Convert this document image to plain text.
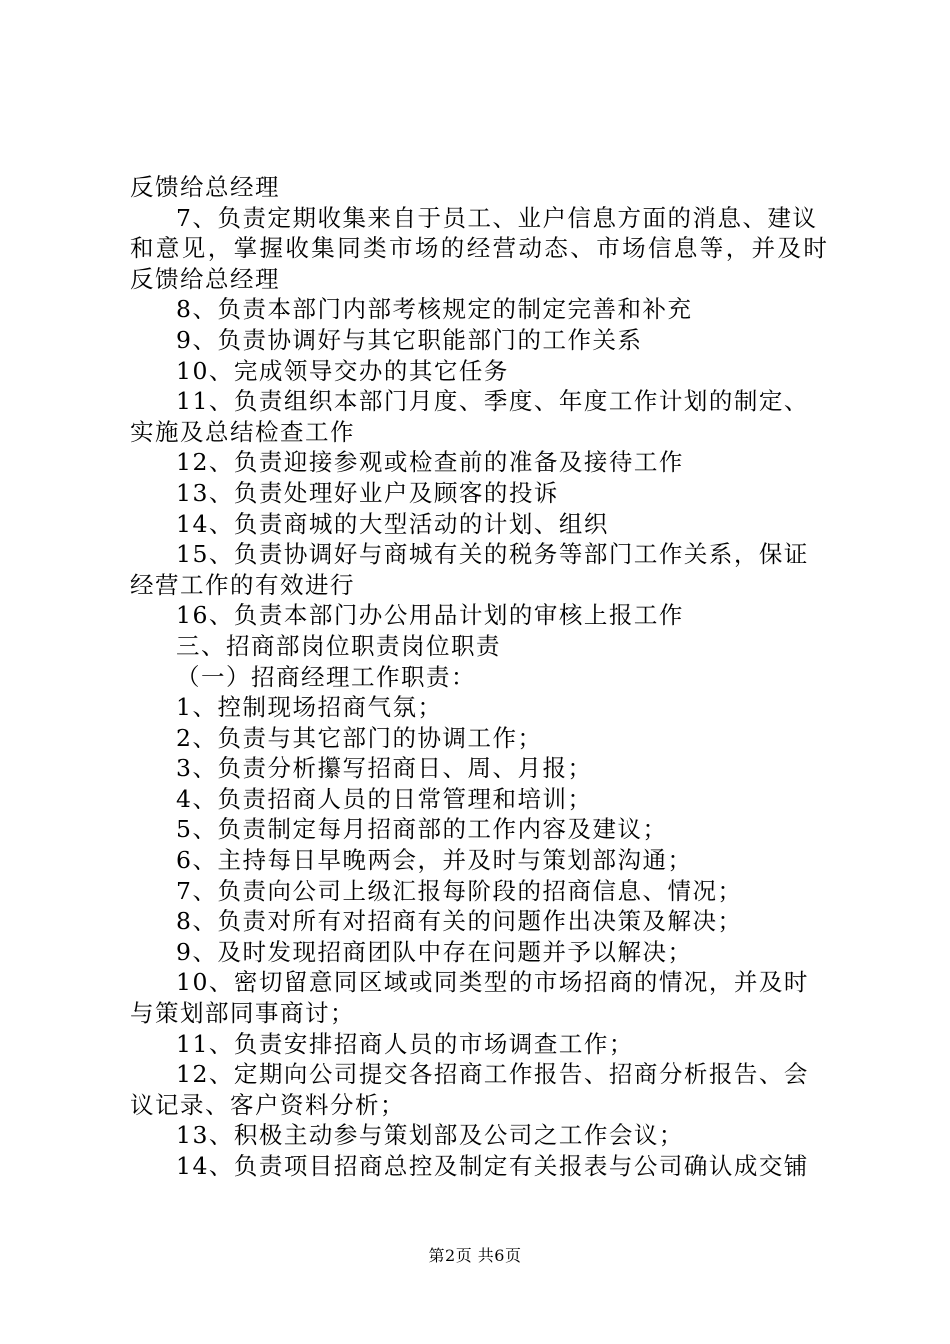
反馈给总经理
7、负责定期收集来自于员工、业户信息方面的消息、建议
和意见，掌握收集同类市场的经营动态、市场信息等，并及时
反馈给总经理
8、负责本部门内部考核规定的制定完善和补充
9、负责协调好与其它职能部门的工作关系
10、完成领导交办的其它任务
11、负责组织本部门月度、季度、年度工作计划的制定、
实施及总结检查工作
12、负责迎接参观或检查前的准备及接待工作
13、负责处理好业户及顾客的投诉
14、负责商城的大型活动的计划、组织
15、负责协调好与商城有关的税务等部门工作关系，保证
经营工作的有效进行
16、负责本部门办公用品计划的审核上报工作
三、招商部岗位职责岗位职责
（一）招商经理工作职责：
1、控制现场招商气氛；
2、负责与其它部门的协调工作；
3、负责分析攥写招商日、周、月报；
4、负责招商人员的日常管理和培训；
5、负责制定每月招商部的工作内容及建议；
6、主持每日早晚两会，并及时与策划部沟通；
7、负责向公司上级汇报每阶段的招商信息、情况；
8、负责对所有对招商有关的问题作出决策及解决；
9、及时发现招商团队中存在问题并予以解决；
10、密切留意同区域或同类型的市场招商的情况，并及时
与策划部同事商讨；
11、负责安排招商人员的市场调查工作；
12、定期向公司提交各招商工作报告、招商分析报告、会
议记录、客户资料分析；
13、积极主动参与策划部及公司之工作会议；
14、负责项目招商总控及制定有关报表与公司确认成交铺
第2页 共6页
